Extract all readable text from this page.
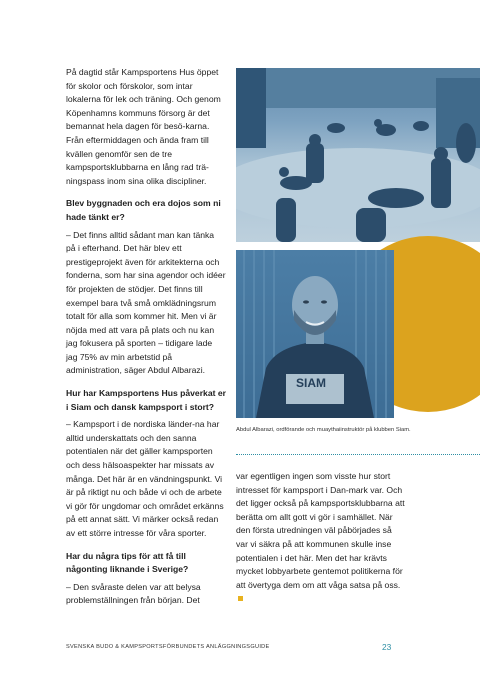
På dagtid står Kampsportens Hus öppet för skolor och förskolor, som intar lokalerna för lek och träning. Och genom Köpenhamns kommuns försorg är det bemannat hela dagen för besö-karna. Från eftermiddagen och ända fram till kvällen genomför sen de tre kampsportsklubbarna en lång rad trä-ningspass inom sina olika discipliner.

Blev byggnaden och era dojos som ni hade tänkt er?

– Det finns alltid sådant man kan tänka på i efterhand. Det här blev ett prestigeprojekt även för arkitekterna och fonderna, som har sina agendor och idéer för projekten de stödjer. Det finns till exempel bara två små omklädningsrum totalt för alla som kommer hit. Men vi är nöjda med att vara på plats och nu kan jag fokusera på sporten – tidigare lade jag 75% av min arbetstid på administration, säger Abdul Albarazi.

Hur har Kampsportens Hus påverkat er i Siam och dansk kampsport i stort?

– Kampsport i de nordiska länder-na har alltid underskattats och den sanna potentialen när det gäller kampsporten och dess hälsoaspekter har missats av många. Det här är en vändningspunkt. Vi är på riktigt nu och både vi och de arbete vi gör för ungdomar och området erkänns på ett annat sätt. Vi märker också redan av ett större intresse för våra sporter.

Har du några tips för att få till någonting liknande i Sverige?

– Den svåraste delen var att belysa problemställningen från början. Det

SIAM
Abdul Albarazi, ordförande och muaythaiinstruktör på klubben Siam.
var egentligen ingen som visste hur stort intresset för kampsport i Dan-mark var. Och det ligger också på kampsportsklubbarna att berätta om allt gott vi gör i samhället. När den första utredningen väl påbörjades så var vi säkra på att kommunen skulle inse potentialen i det här. Men det har krävts mycket lobbyarbete gentemot politikerna för att övertyga dem om att våga satsa på oss.
SVENSKA BUDO & KAMPSPORTSFÖRBUNDETS ANLÄGGNINGSGUIDE	23
